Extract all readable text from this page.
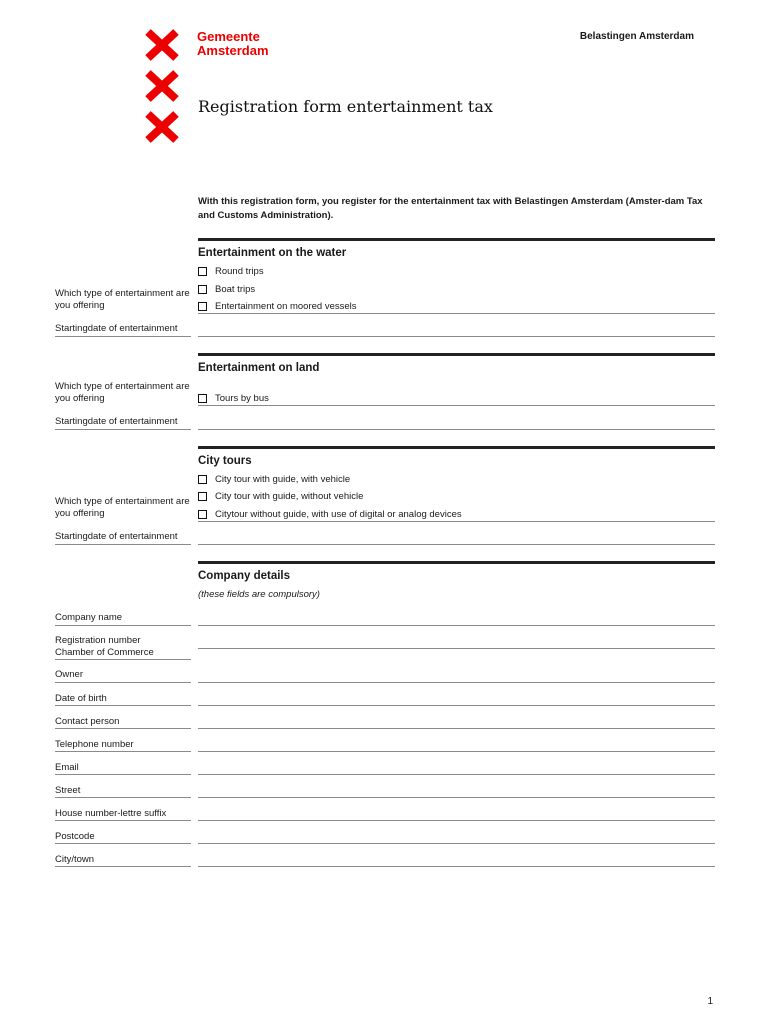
Gemeente
Amsterdam
Belastingen Amsterdam
Registration form entertainment tax
With this registration form, you register for the entertainment tax with Belastingen Amsterdam (Amster-dam Tax and Customs Administration).
Entertainment on the water
Round trips
Boat trips
Entertainment on moored vessels
Which type of entertainment are you offering
Startingdate of entertainment
Entertainment on land
Which type of entertainment are you offering	Tours by bus
Startingdate of entertainment
City tours
City tour with guide, with vehicle
City tour with guide, without vehicle
Citytour without guide, with use of digital or analog devices
Which type of entertainment are you offering
Startingdate of entertainment
Company details
(these fields are compulsory)
Company name
Registration number Chamber of Commerce
Owner
Date of birth
Contact person
Telephone number
Email
Street
House number-lettre suffix
Postcode
City/town
1
